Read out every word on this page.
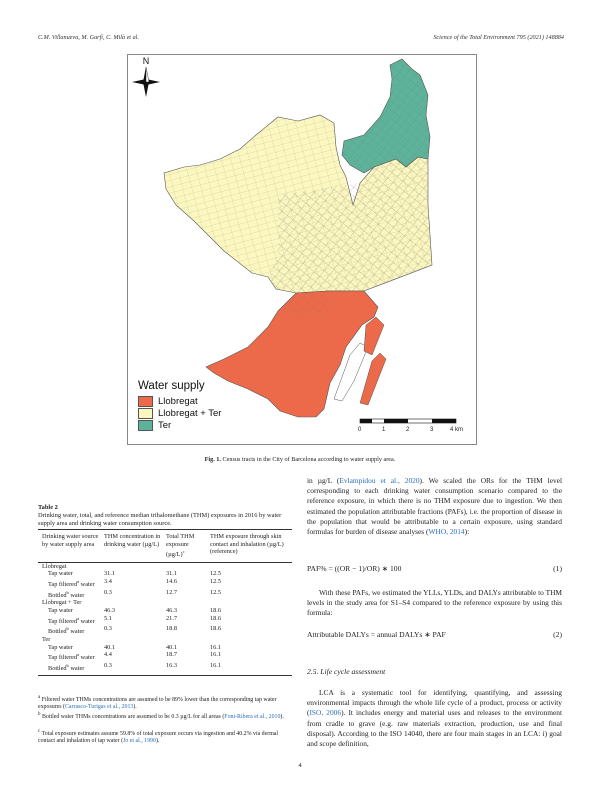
C.M. Villanueva, M. Garfí, C. Milà et al.	Science of the Total Environment 795 (2021) 148884
Water supply
Llobregat
Llobregat + Ter
Ter
N
0	1	2	3	4 km
Fig. 1. Census tracts in the City of Barcelona according to water supply area.
Table 2
Drinking water, total, and reference median trihalomethane (THM) exposures in 2016 by water supply area and drinking water consumption source.
Drinking water source by water supply area	THM concentration in drinking water (µg/L)	Total THM exposure $(\mu g/L)^c$	THM exposure through skin contact and inhalation (µg/L) (reference)
Llobregat			
Tap water	31.1	31.1	12.5
Tap filtered$^a$ water	3.4	14.6	12.5
Bottled$^b$ water	0.3	12.7	12.5
Llobregat + Ter			
Tap water	46.3	46.3	18.6
Tap filtered$^a$ water	5.1	21.7	18.6
Bottled$^b$ water	0.3	18.8	18.6
Ter			
Tap water	40.1	40.1	16.1
Tap filtered$^a$ water	4.4	18.7	16.1
Bottled$^b$ water	0.3	16.3	16.1
$^a$ Filtered water THMs concentrations are assumed to be 89% lower than the corresponding tap water exposures (Carrasco-Turigas et al., 2013).
$^b$ Bottled water THMs concentrations are assumed to be 0.3 µg/L for all areas (Font-Ribera et al., 2010).
$^c$ Total exposure estimates assume 59.8% of total exposure occurs via ingestion and 40.2% via dermal contact and inhalation of tap water (Jo et al., 1990).
in µg/L (Evlampidou et al., 2020). We scaled the ORs for the THM level corresponding to each drinking water consumption scenario compared to the reference exposure, in which there is no THM exposure due to ingestion. We then estimated the population attributable fractions (PAFs), i.e. the proportion of disease in the population that would be attributable to a certain exposure, using standard formulas for burden of disease analyses (WHO, 2014):
PAF% = ((OR − 1)/OR) ∗ 100	(1)
With these PAFs, we estimated the YLLs, YLDs, and DALYs attributable to THM levels in the study area for S1–S4 compared to the reference exposure by using this formula:
Attributable DALYs = annual DALYs ∗ PAF	(2)
2.5. Life cycle assessment
LCA is a systematic tool for identifying, quantifying, and assessing environmental impacts through the whole life cycle of a product, process or activity (ISO, 2006). It includes energy and material uses and releases to the environment from cradle to grave (e.g. raw materials extraction, production, use and final disposal). According to the ISO 14040, there are four main stages in an LCA: i) goal and scope definition,
4
